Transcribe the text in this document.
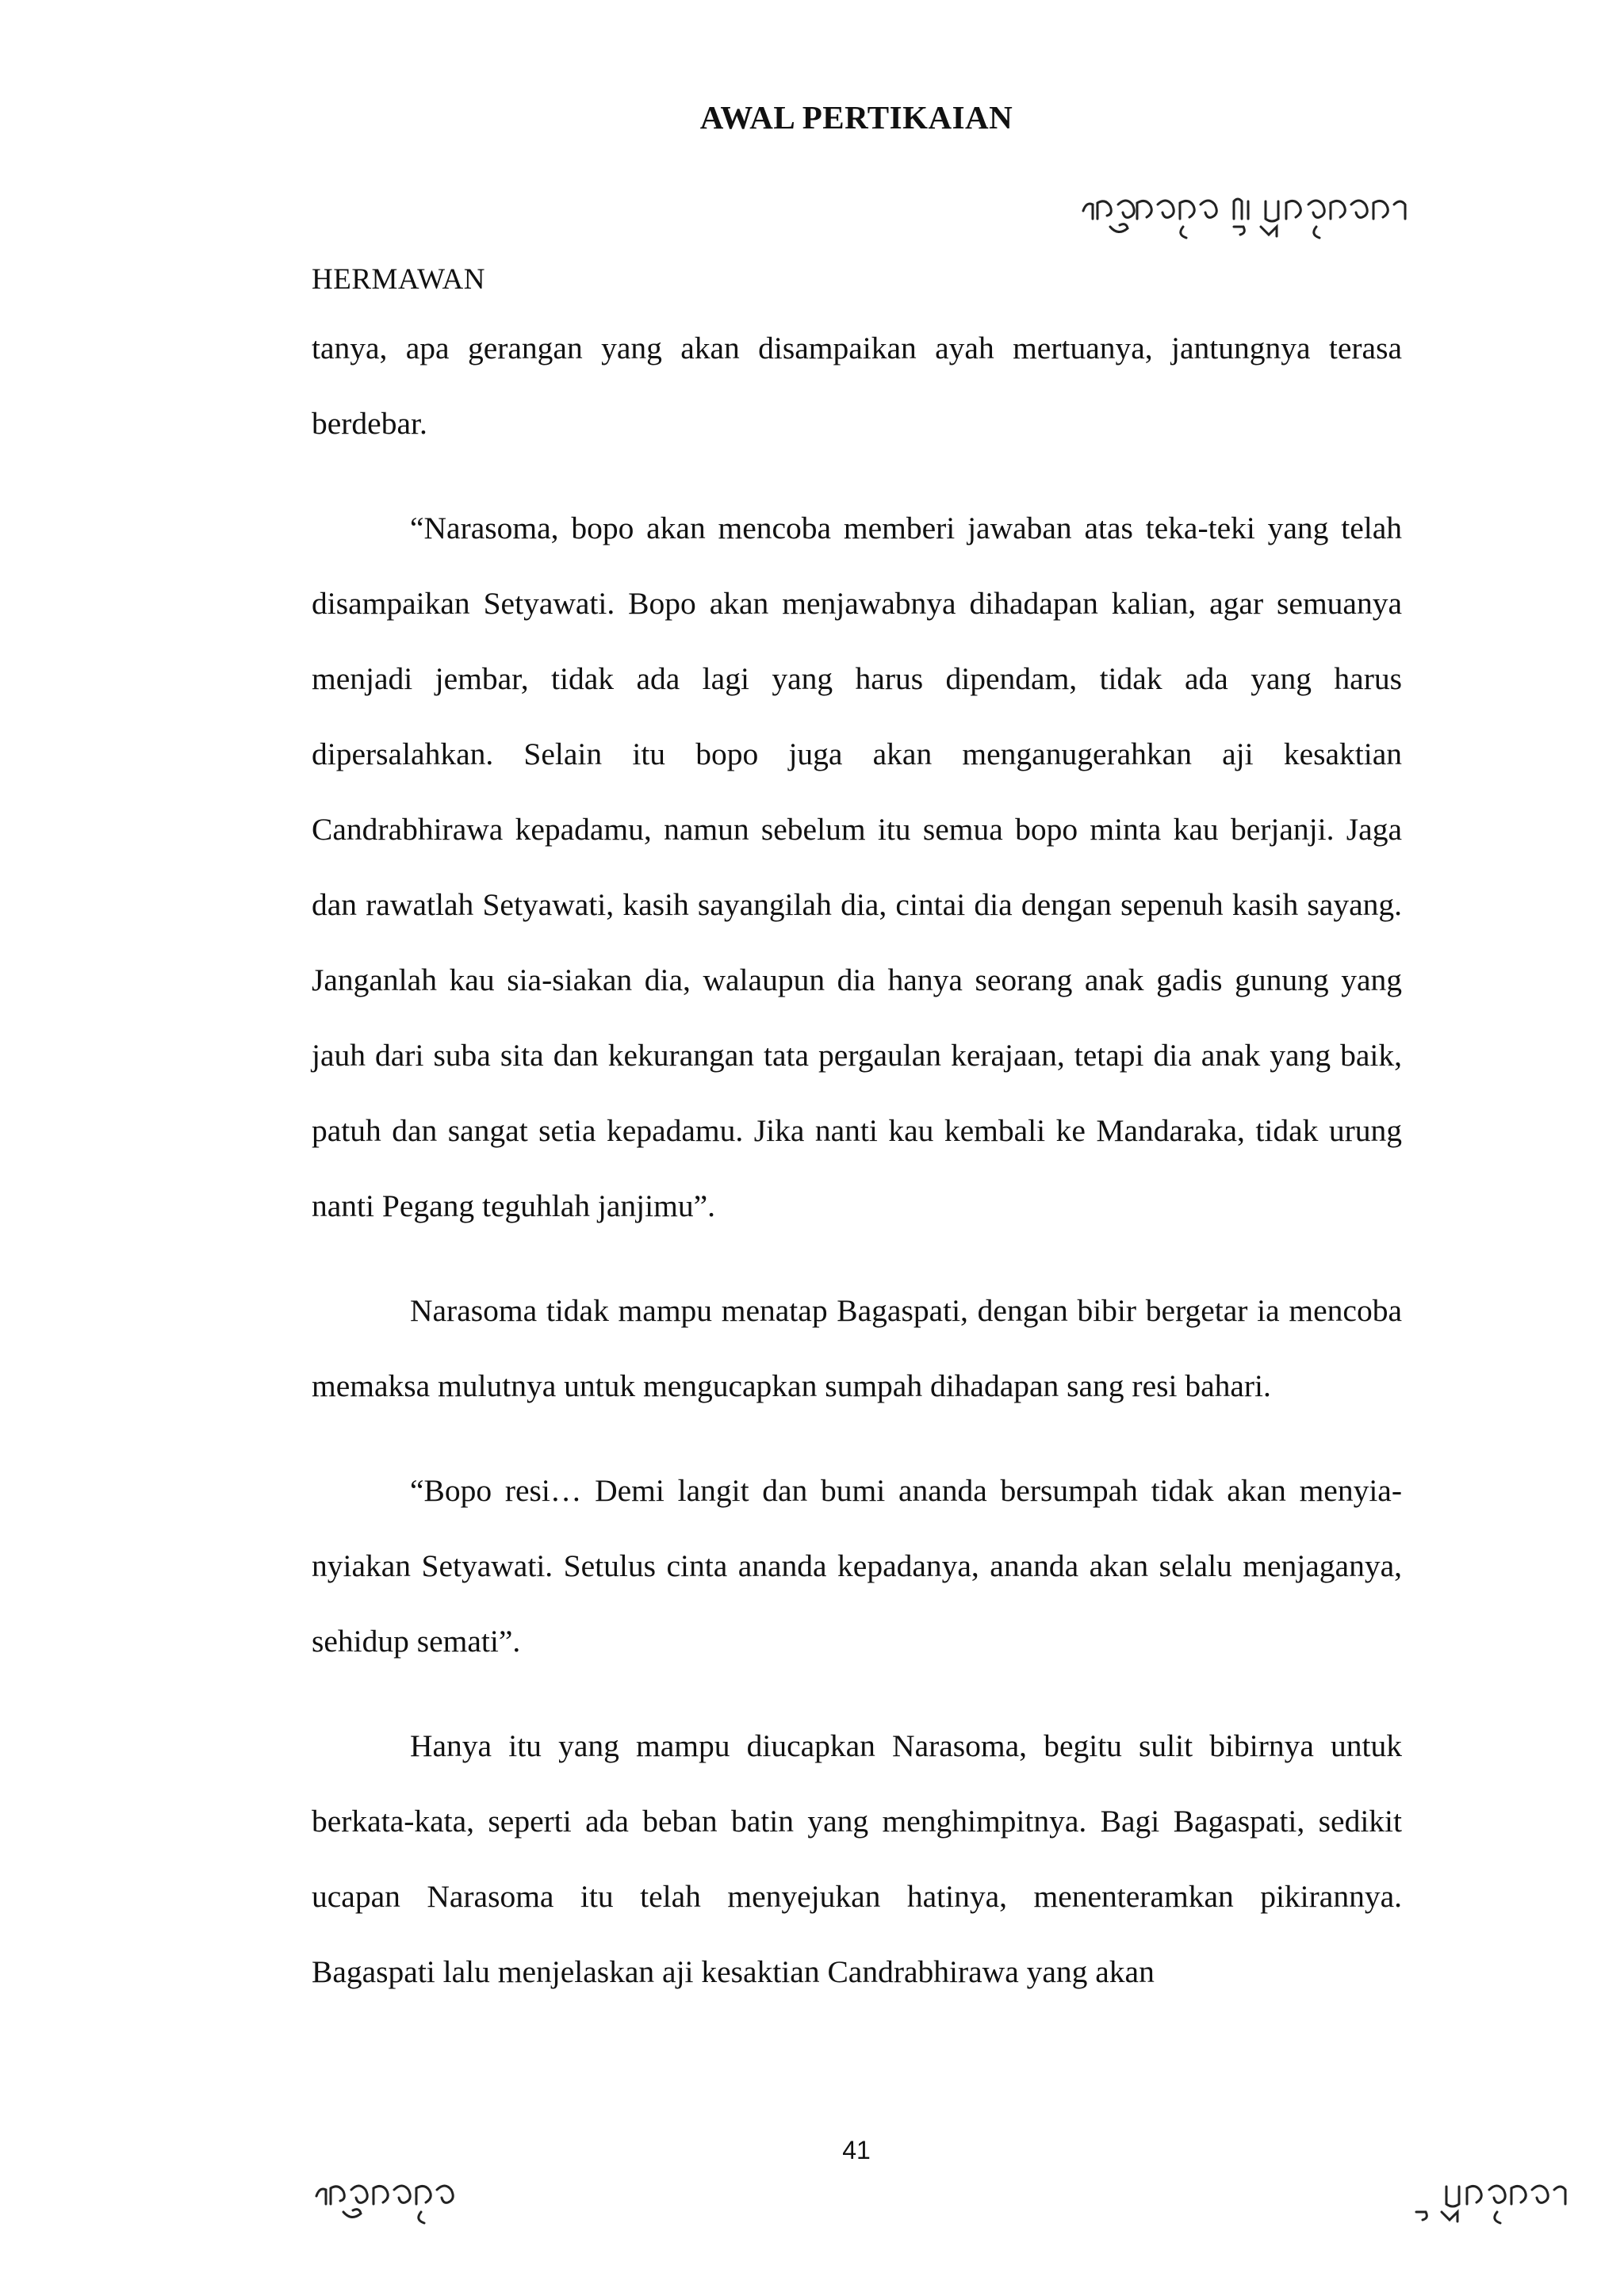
AWAL PERTIKAIAN
HERMAWAN

tanya, apa gerangan yang akan disampaikan ayah mertuanya, jantungnya terasa berdebar.

“Narasoma, bopo akan mencoba memberi jawaban atas teka-teki yang telah disampaikan Setyawati. Bopo akan menjawabnya dihadapan kalian, agar semuanya menjadi jembar, tidak ada lagi yang harus dipendam, tidak ada yang harus dipersalahkan. Selain itu bopo juga akan menganugerahkan aji kesaktian Candrabhirawa kepadamu, namun sebelum itu semua bopo minta kau berjanji. Jaga dan rawatlah Setyawati, kasih sayangilah dia, cintai dia dengan sepenuh kasih sayang. Janganlah kau sia-siakan dia, walaupun dia hanya seorang anak gadis gunung yang jauh dari suba sita dan kekurangan tata pergaulan kerajaan, tetapi dia anak yang baik, patuh dan sangat setia kepadamu. Jika nanti kau kembali ke Mandaraka, tidak urung nanti Pegang teguhlah janjimu”.

Narasoma tidak mampu menatap Bagaspati, dengan bibir bergetar ia mencoba memaksa mulutnya untuk mengucapkan sumpah dihadapan sang resi bahari.

“Bopo resi… Demi langit dan bumi ananda bersumpah tidak akan menyia-nyiakan Setyawati. Setulus cinta ananda kepadanya, ananda akan selalu menjaganya, sehidup semati”.

Hanya itu yang mampu diucapkan Narasoma, begitu sulit bibirnya untuk berkata-kata, seperti ada beban batin yang menghimpitnya. Bagi Bagaspati, sedikit ucapan Narasoma itu telah menyejukan hatinya, menenteramkan pikirannya. Bagaspati lalu menjelaskan aji kesaktian Candrabhirawa yang akan

41
